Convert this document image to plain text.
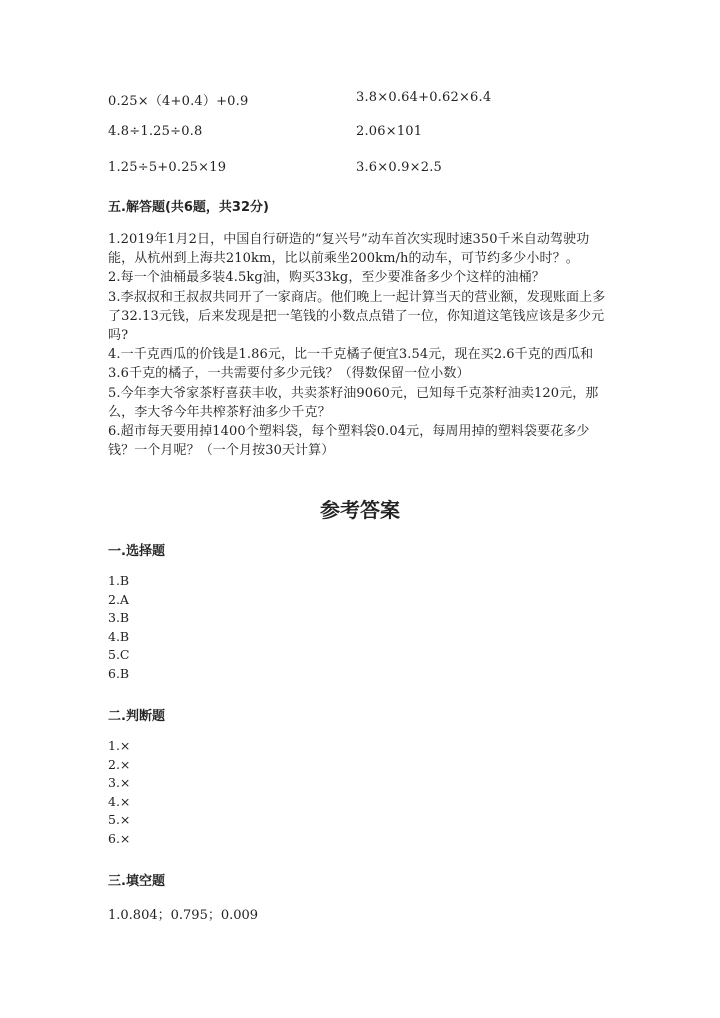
0.25×（4+0.4）+0.9	3.8×0.64+0.62×6.4
4.8÷1.25÷0.8	2.06×101
1.25÷5+0.25×19	3.6×0.9×2.5
五.解答题(共6题，共32分)
1.2019年1月2日，中国自行研造的“复兴号”动车首次实现时速350千米自动驾驶功能，从杭州到上海共210km，比以前乘坐200km/h的动车，可节约多少小时？。
2.每一个油桶最多装4.5kg油，购买33kg，至少要准备多少个这样的油桶？
3.李叔叔和王叔叔共同开了一家商店。他们晚上一起计算当天的营业额，发现账面上多了32.13元钱，后来发现是把一笔钱的小数点点错了一位，你知道这笔钱应该是多少元吗?
4.一千克西瓜的价钱是1.86元，比一千克橘子便宜3.54元，现在买2.6千克的西瓜和3.6千克的橘子，一共需要付多少元钱？（得数保留一位小数）
5.今年李大爷家茶籽喜获丰收，共卖茶籽油9060元，已知每千克茶籽油卖120元，那么，李大爷今年共榨茶籽油多少千克？
6.超市每天要用掉1400个塑料袋，每个塑料袋0.04元，每周用掉的塑料袋要花多少钱？一个月呢？（一个月按30天计算）
参考答案
一.选择题
1.B
2.A
3.B
4.B
5.C
6.B
二.判断题
1.×
2.×
3.×
4.×
5.×
6.×
三.填空题
1.0.804；0.795；0.009
